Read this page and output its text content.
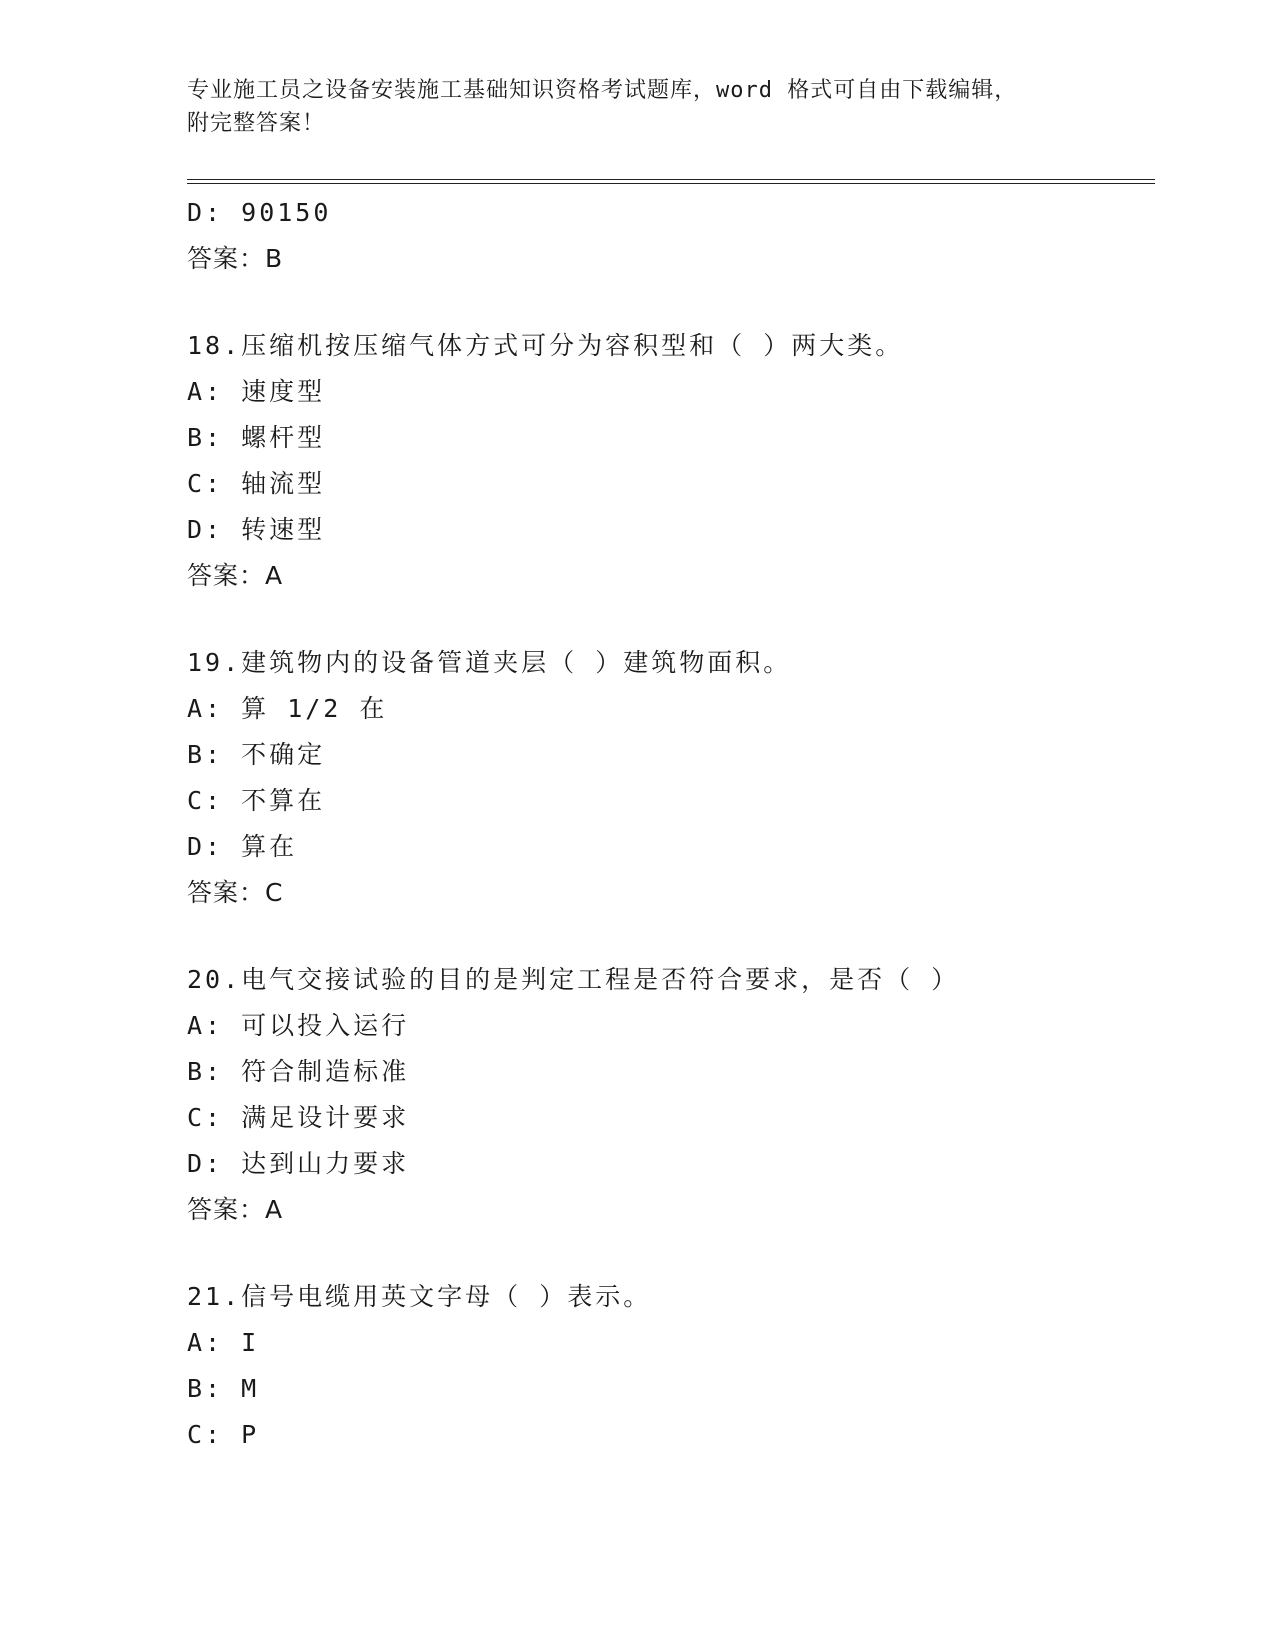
专业施工员之设备安装施工基础知识资格考试题库，word 格式可自由下载编辑，
附完整答案！
D: 90150
答案：B
18.压缩机按压缩气体方式可分为容积型和（ ）两大类。
A: 速度型
B: 螺杆型
C: 轴流型
D: 转速型
答案：A
19.建筑物内的设备管道夹层（ ）建筑物面积。
A: 算 1/2 在
B: 不确定
C: 不算在
D: 算在
答案：C
20.电气交接试验的目的是判定工程是否符合要求，是否（ ）
A: 可以投入运行
B: 符合制造标准
C: 满足设计要求
D: 达到山力要求
答案：A
21.信号电缆用英文字母（ ）表示。
A: I
B: M
C: P
